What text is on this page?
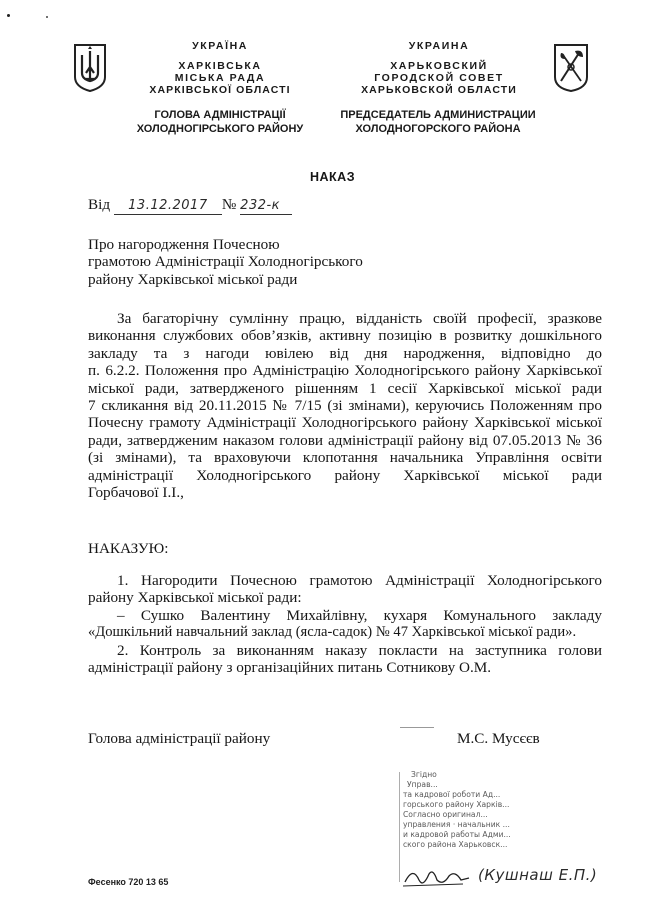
УКРАЇНА
ХАРКІВСЬКА
МІСЬКА РАДА
ХАРКІВСЬКОЇ ОБЛАСТІ
ГОЛОВА АДМІНІСТРАЦІЇ
ХОЛОДНОГІРСЬКОГО РАЙОНУ
УКРАИНА
ХАРЬКОВСКИЙ
ГОРОДСКОЙ СОВЕТ
ХАРЬКОВСКОЙ ОБЛАСТИ
ПРЕДСЕДАТЕЛЬ АДМИНИСТРАЦИИ
ХОЛОДНОГОРСКОГО РАЙОНА
НАКАЗ
Від 13.12.2017 № 232-к
Про нагородження Почесною
грамотою Адміністрації Холодногірського
району Харківської міської ради
За багаторічну сумлінну працю, відданість своїй професії, зразкове
виконання службових обов’язків, активну позицію в розвитку дошкільного
закладу та з нагоди ювілею від дня народження, відповідно до
п. 6.2.2. Положення про Адміністрацію Холодногірського району Харківської
міської ради, затвердженого рішенням 1 сесії Харківської міської ради
7 скликання від 20.11.2015 № 7/15 (зі змінами), керуючись Положенням про
Почесну грамоту Адміністрації Холодногірського району Харківської міської
ради, затвердженим наказом голови адміністрації району від 07.05.2013 № 36
(зі змінами), та враховуючи клопотання начальника Управління освіти
адміністрації Холодногірського району Харківської міської ради
Горбачової І.І.,
НАКАЗУЮ:
1. Нагородити Почесною грамотою Адміністрації Холодногірського
району Харківської міської ради:
– Сушко Валентину Михайлівну, кухаря Комунального закладу
«Дошкільний навчальний заклад (ясла-садок) № 47 Харківської міської ради».
2. Контроль за виконанням наказу покласти на заступника голови
адміністрації району з організаційних питань Сотникову О.М.
Голова адміністрації району	М.С. Мусєєв
Фесенко 720 13 65
Згідно
Управ...
та кадрової роботи Ад...
горського району Харків...
Согласно оригинал...
управления · начальник ...
и кадровой работы Адми...
ского района Харьковск...
(Кушнаш Е.П.)
